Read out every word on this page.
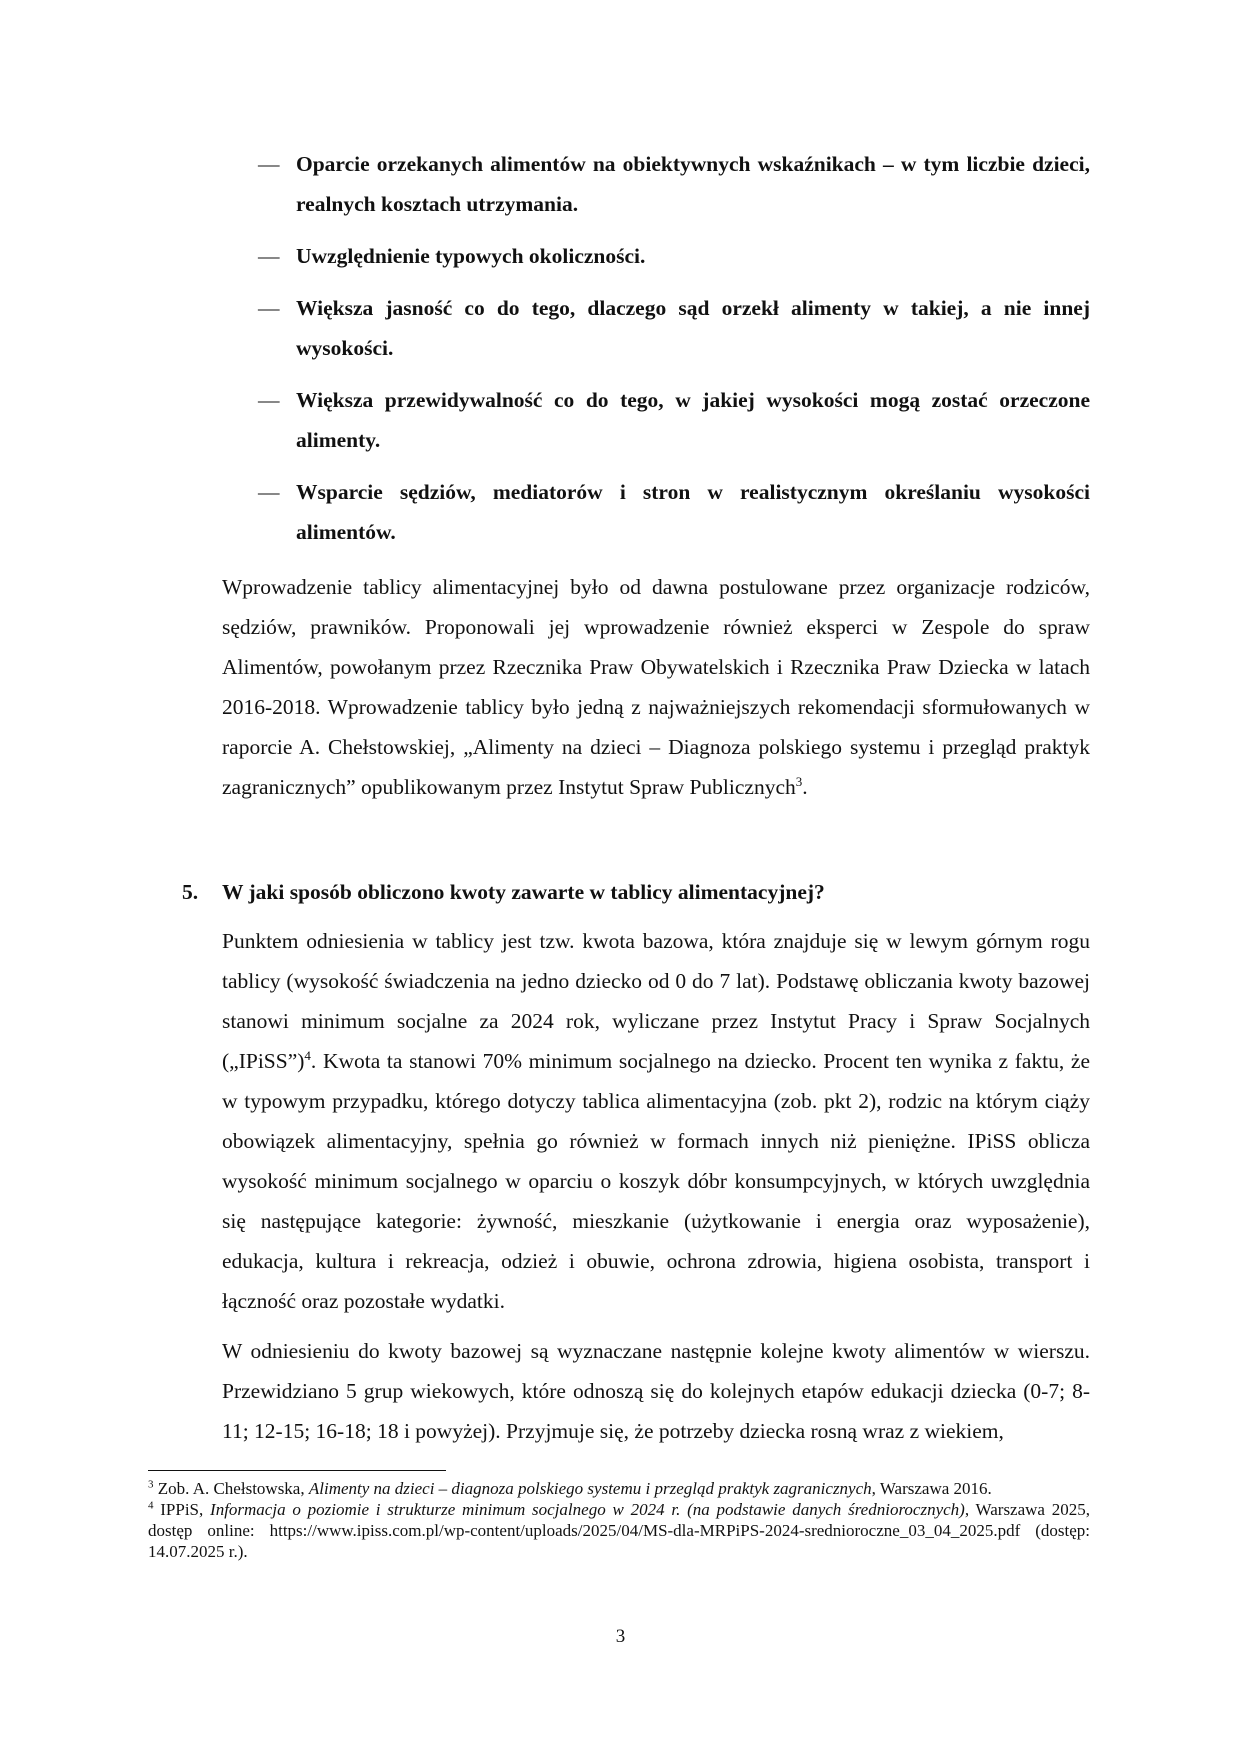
— Oparcie orzekanych alimentów na obiektywnych wskaźnikach – w tym liczbie dzieci, realnych kosztach utrzymania.
— Uwzględnienie typowych okoliczności.
— Większa jasność co do tego, dlaczego sąd orzekł alimenty w takiej, a nie innej wysokości.
— Większa przewidywalność co do tego, w jakiej wysokości mogą zostać orzeczone alimenty.
— Wsparcie sędziów, mediatorów i stron w realistycznym określaniu wysokości alimentów.

Wprowadzenie tablicy alimentacyjnej było od dawna postulowane przez organizacje rodziców, sędziów, prawników. Proponowali jej wprowadzenie również eksperci w Zespole do spraw Alimentów, powołanym przez Rzecznika Praw Obywatelskich i Rzecznika Praw Dziecka w latach 2016-2018. Wprowadzenie tablicy było jedną z najważniejszych rekomendacji sformułowanych w raporcie A. Chełstowskiej, „Alimenty na dzieci – Diagnoza polskiego systemu i przegląd praktyk zagranicznych” opublikowanym przez Instytut Spraw Publicznych$^3$.

5. W jaki sposób obliczono kwoty zawarte w tablicy alimentacyjnej?

Punktem odniesienia w tablicy jest tzw. kwota bazowa, która znajduje się w lewym górnym rogu tablicy (wysokość świadczenia na jedno dziecko od 0 do 7 lat). Podstawę obliczania kwoty bazowej stanowi minimum socjalne za 2024 rok, wyliczane przez Instytut Pracy i Spraw Socjalnych („IPiSS”)$^4$. Kwota ta stanowi 70% minimum socjalnego na dziecko. Procent ten wynika z faktu, że w typowym przypadku, którego dotyczy tablica alimentacyjna (zob. pkt 2), rodzic na którym ciąży obowiązek alimentacyjny, spełnia go również w formach innych niż pieniężne. IPiSS oblicza wysokość minimum socjalnego w oparciu o koszyk dóbr konsumpcyjnych, w których uwzględnia się następujące kategorie: żywność, mieszkanie (użytkowanie i energia oraz wyposażenie), edukacja, kultura i rekreacja, odzież i obuwie, ochrona zdrowia, higiena osobista, transport i łączność oraz pozostałe wydatki.

W odniesieniu do kwoty bazowej są wyznaczane następnie kolejne kwoty alimentów w wierszu. Przewidziano 5 grup wiekowych, które odnoszą się do kolejnych etapów edukacji dziecka (0-7; 8-11; 12-15; 16-18; 18 i powyżej). Przyjmuje się, że potrzeby dziecka rosną wraz z wiekiem,

$^3$ Zob. A. Chełstowska, Alimenty na dzieci – diagnoza polskiego systemu i przegląd praktyk zagranicznych, Warszawa 2016.

$^4$ IPPiS, Informacja o poziomie i strukturze minimum socjalnego w 2024 r. (na podstawie danych średniorocznych), Warszawa 2025, dostęp online: https://www.ipiss.com.pl/wp-content/uploads/2025/04/MS-dla-MRPiPS-2024-srednioroczne_03_04_2025.pdf (dostęp: 14.07.2025 r.).

3
